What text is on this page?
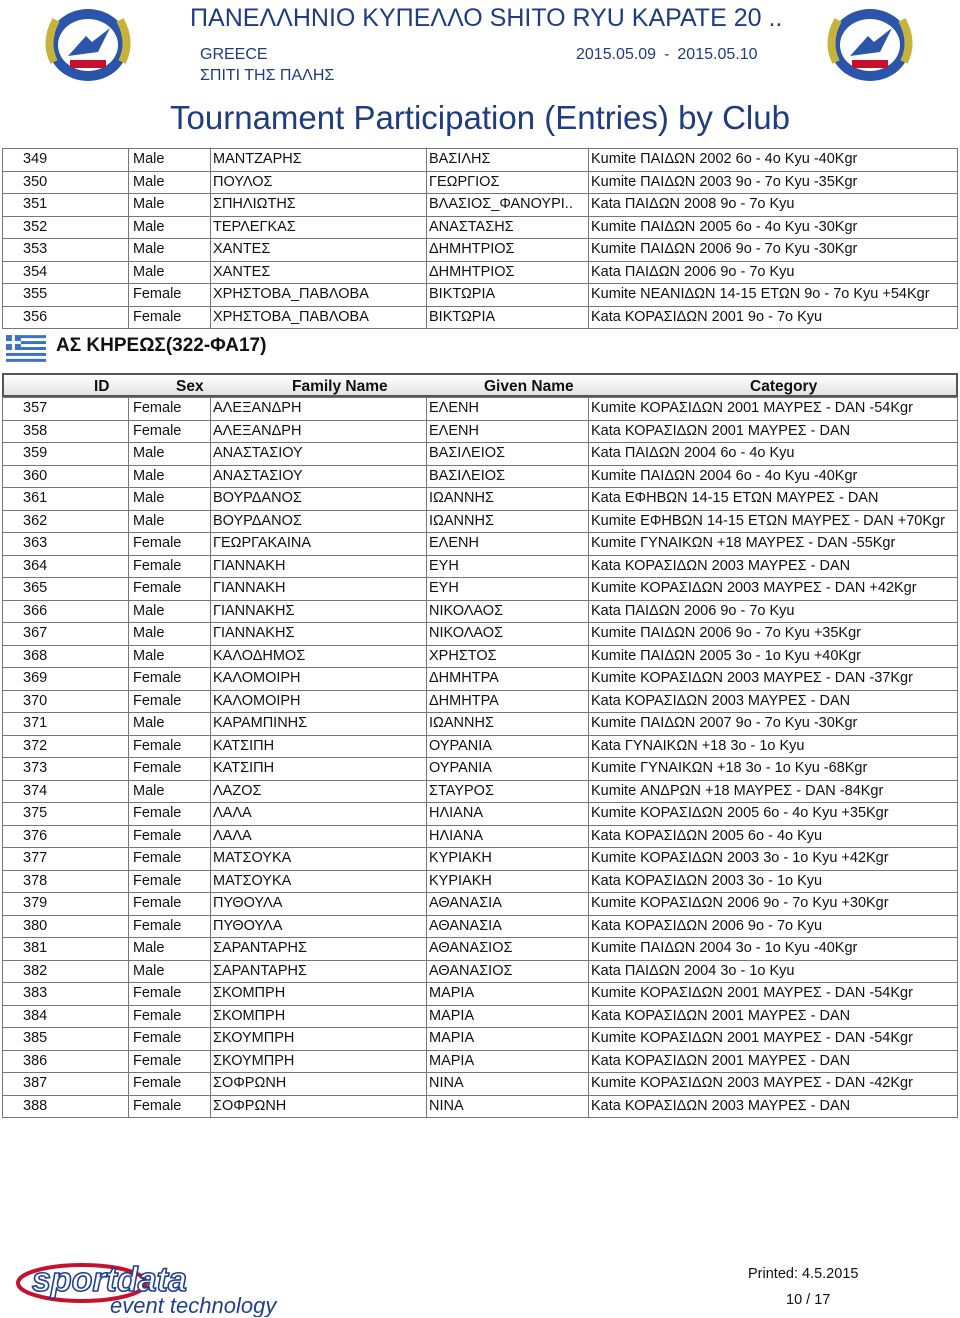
ΠΑΝΕΛΛΗΝΙΟ ΚΥΠΕΛΛΟ SHITO RYU ΚΑΡΑΤΕ 20 ..
GREECE
ΣΠΙΤΙ ΤΗΣ ΠΑΛΗΣ
2015.05.09 - 2015.05.10
Tournament Participation (Entries) by Club
349	Male	ΜΑΝΤΖΑΡΗΣ	ΒΑΣΙΛΗΣ	Kumite ΠΑΙΔΩΝ 2002 6o - 4o Kyu -40Kgr
350	Male	ΠΟΥΛΟΣ	ΓΕΩΡΓΙΟΣ	Kumite ΠΑΙΔΩΝ 2003 9o - 7o Kyu -35Kgr
351	Male	ΣΠΗΛΙΩΤΗΣ	ΒΛΑΣΙΟΣ_ΦΑΝΟΥΡΙ..	Kata ΠΑΙΔΩΝ 2008 9o - 7o Kyu
352	Male	ΤΕΡΛΕΓΚΑΣ	ΑΝΑΣΤΑΣΗΣ	Kumite ΠΑΙΔΩΝ 2005 6o - 4o Kyu -30Kgr
353	Male	ΧΑΝΤΕΣ	ΔΗΜΗΤΡΙΟΣ	Kumite ΠΑΙΔΩΝ 2006 9o - 7o Kyu -30Kgr
354	Male	ΧΑΝΤΕΣ	ΔΗΜΗΤΡΙΟΣ	Kata ΠΑΙΔΩΝ 2006 9o - 7o Kyu
355	Female	ΧΡΗΣΤΟΒΑ_ΠΑΒΛΟΒΑ	ΒΙΚΤΩΡΙΑ	Kumite ΝΕΑΝΙΔΩΝ 14-15 ΕΤΩΝ 9o - 7o Kyu +54Kgr
356	Female	ΧΡΗΣΤΟΒΑ_ΠΑΒΛΟΒΑ	ΒΙΚΤΩΡΙΑ	Kata ΚΟΡΑΣΙΔΩΝ 2001 9o - 7o Kyu
ΑΣ ΚΗΡΕΩΣ(322-ΦΑ17)
ID	Sex	Family Name	Given Name	Category
357	Female	ΑΛΕΞΑΝΔΡΗ	ΕΛΕΝΗ	Kumite ΚΟΡΑΣΙΔΩΝ 2001 ΜΑΥΡΕΣ - DAN -54Kgr
358	Female	ΑΛΕΞΑΝΔΡΗ	ΕΛΕΝΗ	Kata ΚΟΡΑΣΙΔΩΝ 2001 ΜΑΥΡΕΣ - DAN
359	Male	ΑΝΑΣΤΑΣΙΟΥ	ΒΑΣΙΛΕΙΟΣ	Kata ΠΑΙΔΩΝ 2004 6o - 4o Kyu
360	Male	ΑΝΑΣΤΑΣΙΟΥ	ΒΑΣΙΛΕΙΟΣ	Kumite ΠΑΙΔΩΝ 2004 6o - 4o Kyu -40Kgr
361	Male	ΒΟΥΡΔΑΝΟΣ	ΙΩΑΝΝΗΣ	Kata ΕΦΗΒΩΝ 14-15 ΕΤΩΝ ΜΑΥΡΕΣ - DAN
362	Male	ΒΟΥΡΔΑΝΟΣ	ΙΩΑΝΝΗΣ	Kumite ΕΦΗΒΩΝ 14-15 ΕΤΩΝ ΜΑΥΡΕΣ - DAN +70Kgr
363	Female	ΓΕΩΡΓΑΚΑΙΝΑ	ΕΛΕΝΗ	Kumite ΓΥΝΑΙΚΩΝ +18 ΜΑΥΡΕΣ - DAN -55Kgr
364	Female	ΓΙΑΝΝΑΚΗ	ΕΥΗ	Kata ΚΟΡΑΣΙΔΩΝ 2003 ΜΑΥΡΕΣ - DAN
365	Female	ΓΙΑΝΝΑΚΗ	ΕΥΗ	Kumite ΚΟΡΑΣΙΔΩΝ 2003 ΜΑΥΡΕΣ - DAN +42Kgr
366	Male	ΓΙΑΝΝΑΚΗΣ	ΝΙΚΟΛΑΟΣ	Kata ΠΑΙΔΩΝ 2006 9o - 7o Kyu
367	Male	ΓΙΑΝΝΑΚΗΣ	ΝΙΚΟΛΑΟΣ	Kumite ΠΑΙΔΩΝ 2006 9o - 7o Kyu +35Kgr
368	Male	ΚΑΛΟΔΗΜΟΣ	ΧΡΗΣΤΟΣ	Kumite ΠΑΙΔΩΝ 2005 3o - 1o Kyu +40Kgr
369	Female	ΚΑΛΟΜΟΙΡΗ	ΔΗΜΗΤΡΑ	Kumite ΚΟΡΑΣΙΔΩΝ 2003 ΜΑΥΡΕΣ - DAN -37Kgr
370	Female	ΚΑΛΟΜΟΙΡΗ	ΔΗΜΗΤΡΑ	Kata ΚΟΡΑΣΙΔΩΝ 2003 ΜΑΥΡΕΣ - DAN
371	Male	ΚΑΡΑΜΠΙΝΗΣ	ΙΩΑΝΝΗΣ	Kumite ΠΑΙΔΩΝ 2007 9o - 7o Kyu -30Kgr
372	Female	ΚΑΤΣΙΠΗ	ΟΥΡΑΝΙΑ	Kata ΓΥΝΑΙΚΩΝ +18 3o - 1o Kyu
373	Female	ΚΑΤΣΙΠΗ	ΟΥΡΑΝΙΑ	Kumite ΓΥΝΑΙΚΩΝ +18 3o - 1o Kyu -68Kgr
374	Male	ΛΑΖΟΣ	ΣΤΑΥΡΟΣ	Kumite ΑΝΔΡΩΝ +18 ΜΑΥΡΕΣ - DAN -84Kgr
375	Female	ΛΑΛΑ	ΗΛΙΑΝΑ	Kumite ΚΟΡΑΣΙΔΩΝ 2005 6o - 4o Kyu +35Kgr
376	Female	ΛΑΛΑ	ΗΛΙΑΝΑ	Kata ΚΟΡΑΣΙΔΩΝ 2005 6o - 4o Kyu
377	Female	ΜΑΤΣΟΥΚΑ	ΚΥΡΙΑΚΗ	Kumite ΚΟΡΑΣΙΔΩΝ 2003 3o - 1o Kyu +42Kgr
378	Female	ΜΑΤΣΟΥΚΑ	ΚΥΡΙΑΚΗ	Kata ΚΟΡΑΣΙΔΩΝ 2003 3o - 1o Kyu
379	Female	ΠΥΘΟΥΛΑ	ΑΘΑΝΑΣΙΑ	Kumite ΚΟΡΑΣΙΔΩΝ 2006 9o - 7o Kyu +30Kgr
380	Female	ΠΥΘΟΥΛΑ	ΑΘΑΝΑΣΙΑ	Kata ΚΟΡΑΣΙΔΩΝ 2006 9o - 7o Kyu
381	Male	ΣΑΡΑΝΤΑΡΗΣ	ΑΘΑΝΑΣΙΟΣ	Kumite ΠΑΙΔΩΝ 2004 3o - 1o Kyu -40Kgr
382	Male	ΣΑΡΑΝΤΑΡΗΣ	ΑΘΑΝΑΣΙΟΣ	Kata ΠΑΙΔΩΝ 2004 3o - 1o Kyu
383	Female	ΣΚΟΜΠΡΗ	ΜΑΡΙΑ	Kumite ΚΟΡΑΣΙΔΩΝ 2001 ΜΑΥΡΕΣ - DAN -54Kgr
384	Female	ΣΚΟΜΠΡΗ	ΜΑΡΙΑ	Kata ΚΟΡΑΣΙΔΩΝ 2001 ΜΑΥΡΕΣ - DAN
385	Female	ΣΚΟΥΜΠΡΗ	ΜΑΡΙΑ	Kumite ΚΟΡΑΣΙΔΩΝ 2001 ΜΑΥΡΕΣ - DAN -54Kgr
386	Female	ΣΚΟΥΜΠΡΗ	ΜΑΡΙΑ	Kata ΚΟΡΑΣΙΔΩΝ 2001 ΜΑΥΡΕΣ - DAN
387	Female	ΣΟΦΡΩΝΗ	ΝΙΝΑ	Kumite ΚΟΡΑΣΙΔΩΝ 2003 ΜΑΥΡΕΣ - DAN -42Kgr
388	Female	ΣΟΦΡΩΝΗ	ΝΙΝΑ	Kata ΚΟΡΑΣΙΔΩΝ 2003 ΜΑΥΡΕΣ - DAN
sportdata
event technology
Printed: 4.5.2015
10 / 17
